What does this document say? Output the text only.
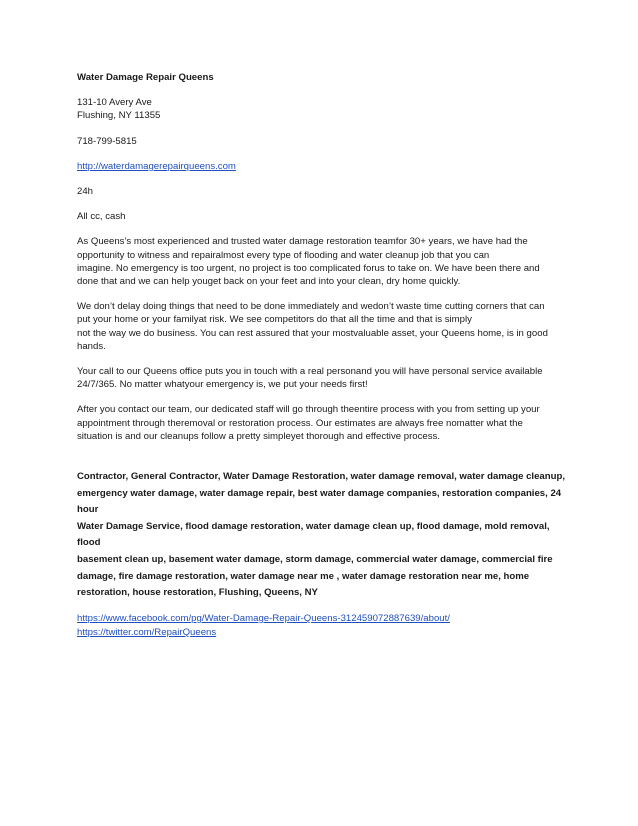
Water Damage Repair Queens
131-10 Avery Ave
Flushing, NY 11355
718-799-5815
http://waterdamagerepairqueens.com
24h
All cc, cash

As Queens’s most experienced and trusted water damage restoration teamfor 30+ years, we have had the
opportunity to witness and repairalmost every type of flooding and water cleanup job that you can
imagine. No emergency is too urgent, no project is too complicated forus to take on. We have been there and
done that and we can help youget back on your feet and into your clean, dry home quickly.

We don’t delay doing things that need to be done immediately and wedon’t waste time cutting corners that can
put your home or your familyat risk. We see competitors do that all the time and that is simply
not the way we do business. You can rest assured that your mostvaluable asset, your Queens home, is in good
hands.

Your call to our Queens office puts you in touch with a real personand you will have personal service available
24/7/365. No matter whatyour emergency is, we put your needs first!

After you contact our team, our dedicated staff will go through theentire process with you from setting up your
appointment through theremoval or restoration process. Our estimates are always free nomatter what the
situation is and our cleanups follow a pretty simpleyet thorough and effective process.

Contractor, General Contractor, Water Damage Restoration, water damage removal, water damage cleanup,
emergency water damage, water damage repair, best water damage companies, restoration companies, 24 hour
Water Damage Service, flood damage restoration, water damage clean up, flood damage, mold removal, flood
basement clean up, basement water damage, storm damage, commercial water damage, commercial fire
damage, fire damage restoration, water damage near me , water damage restoration near me, home
restoration, house restoration, Flushing, Queens, NY

https://www.facebook.com/pg/Water-Damage-Repair-Queens-312459072887639/about/
https://twitter.com/RepairQueens
